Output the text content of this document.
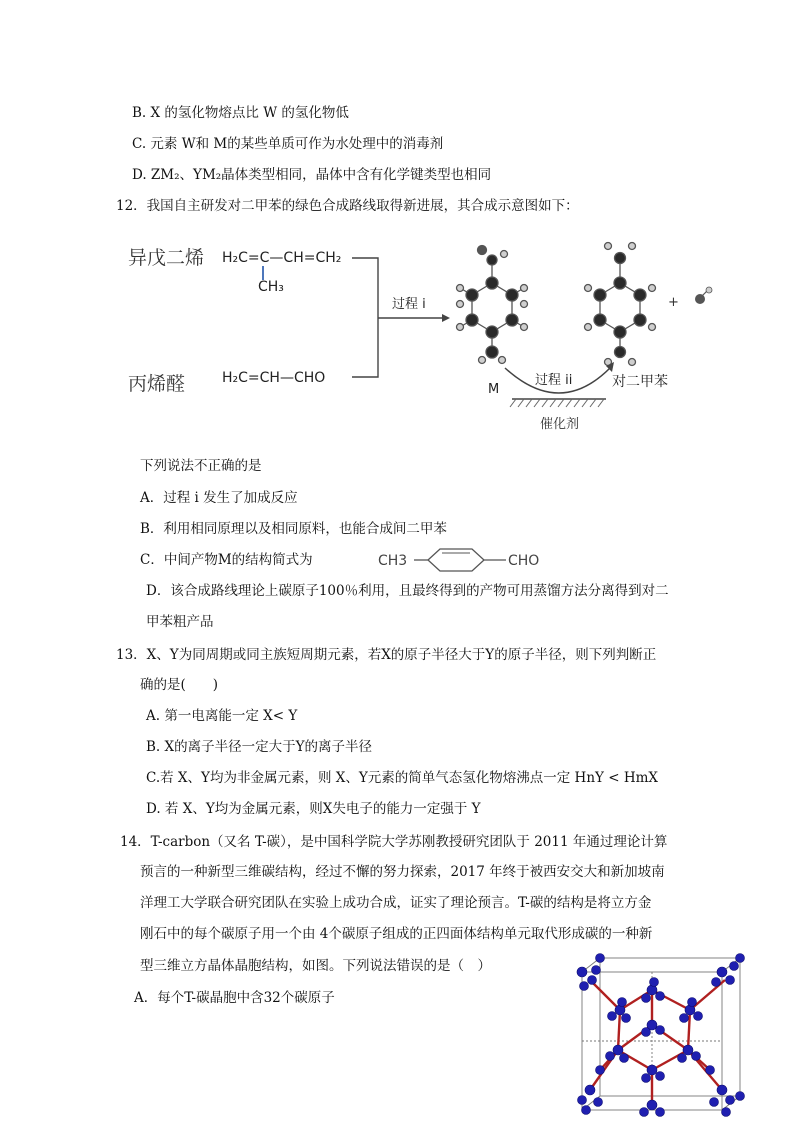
B. X 的氢化物熔点比 W 的氢化物低
C. 元素 W和 M的某些单质可作为水处理中的消毒剂
D. ZM₂、YM₂晶体类型相同，晶体中含有化学键类型也相同
12．我国自主研发对二甲苯的绿色合成路线取得新进展，其合成示意图如下：
异戊二烯 H₂C=C—CH=CH₂
CH₃
丙烯醛	H₂C=CH—CHO
过程 i	+
过程 ii
M	对二甲苯
催化剂
下列说法不正确的是
A．过程 i 发生了加成反应
B．利用相同原理以及相同原料，也能合成间二甲苯
C．中间产物M的结构简式为	CH3	CHO
D．该合成路线理论上碳原子100％利用，且最终得到的产物可用蒸馏方法分离得到对二
甲苯粗产品
13．X、Y为同周期或同主族短周期元素，若X的原子半径大于Y的原子半径，则下列判断正
确的是(　　)
A. 第一电离能一定 X< Y
B. X的离子半径一定大于Y的离子半径
C.若 X、Y均为非金属元素，则 X、Y元素的简单气态氢化物熔沸点一定 HnY < HmX
D. 若 X、Y均为金属元素，则X失电子的能力一定强于 Y
14．T-carbon（又名 T-碳），是中国科学院大学苏刚教授研究团队于 2011 年通过理论计算
预言的一种新型三维碳结构，经过不懈的努力探索，2017 年终于被西安交大和新加坡南
洋理工大学联合研究团队在实验上成功合成，证实了理论预言。T-碳的结构是将立方金
刚石中的每个碳原子用一个由 4个碳原子组成的正四面体结构单元取代形成碳的一种新
型三维立方晶体晶胞结构，如图。下列说法错误的是（　）
A．每个T-碳晶胞中含32个碳原子
